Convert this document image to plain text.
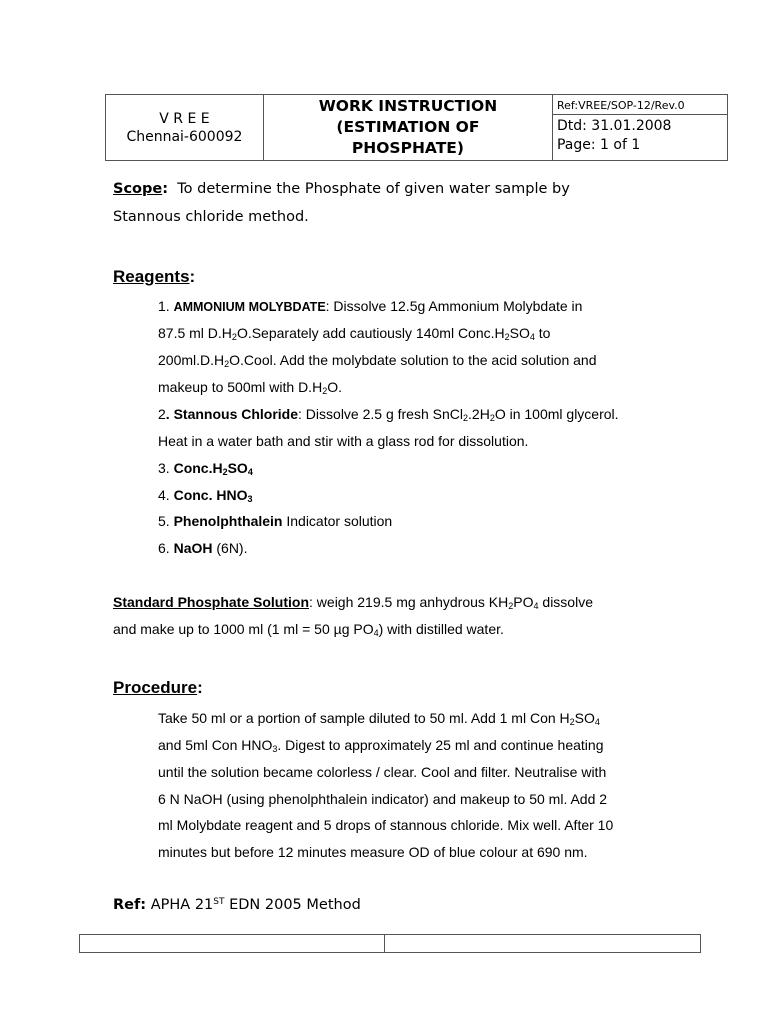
V R E E
Chennai-600092

WORK INSTRUCTION
(ESTIMATION OF
PHOSPHATE)

Ref:VREE/SOP-12/Rev.0
Dtd: 31.01.2008
Page: 1 of 1
Scope: To determine the Phosphate of given water sample by
Stannous chloride method.
Reagents:
1. AMMONIUM MOLYBDATE: Dissolve 12.5g Ammonium Molybdate in
87.5 ml $D.H_2O.Separately$ add cautiously 140ml $Conc.H_2SO_4$ to
$200ml.D.H_2O.Cool$. Add the molybdate solution to the acid solution and
makeup to 500ml with $D.H_2O$.
2. Stannous Chloride: Dissolve 2.5 g fresh $SnCl_2.2H_2O$ in 100ml glycerol.
Heat in a water bath and stir with a glass rod for dissolution.
3. $Conc.H_2SO_4$
4. Conc. $HNO_3$
5. Phenolphthalein Indicator solution
6. NaOH (6N).
Standard Phosphate Solution: weigh 219.5 mg anhydrous $KH_2PO_4$ dissolve
and make up to 1000 ml (1 ml = 50 µg $PO_4$) with distilled water.
Procedure:
Take 50 ml or a portion of sample diluted to 50 ml. Add 1 ml Con $H_2SO_4$
and 5ml Con $HNO_3$. Digest to approximately 25 ml and continue heating
until the solution became colorless / clear. Cool and filter. Neutralise with
6 N NaOH (using phenolphthalein indicator) and makeup to 50 ml. Add 2
ml Molybdate reagent and 5 drops of stannous chloride. Mix well. After 10
minutes but before 12 minutes measure OD of blue colour at 690 nm.
Ref: APHA 21ST EDN 2005 Method
